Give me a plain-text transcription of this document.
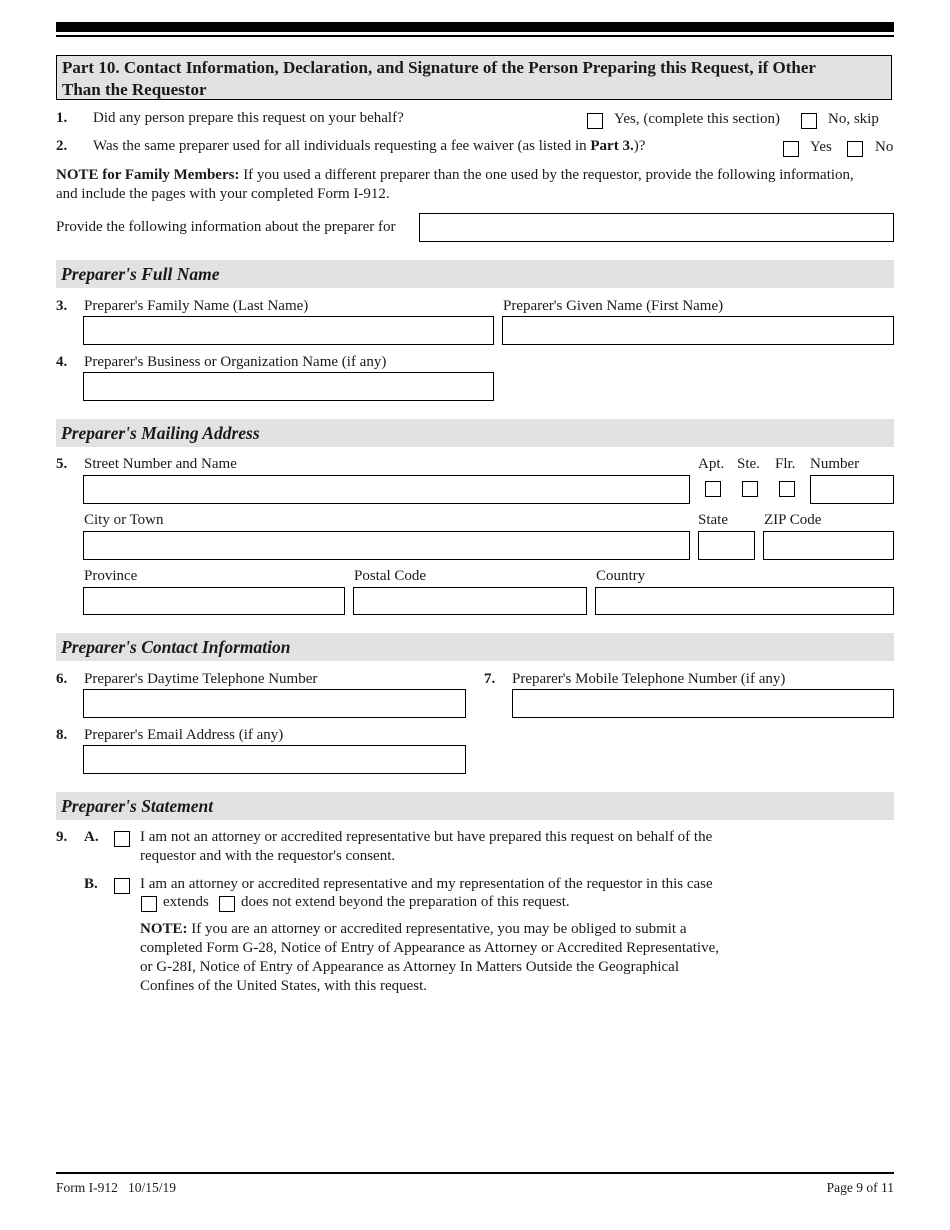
Part 10. Contact Information, Declaration, and Signature of the Person Preparing this Request, if Other
Than the Requestor
1. Did any person prepare this request on your behalf?	Yes, (complete this section)	No, skip
2. Was the same preparer used for all individuals requesting a fee waiver (as listed in Part 3.)?	Yes	No
NOTE for Family Members: If you used a different preparer than the one used by the requestor, provide the following information,
and include the pages with your completed Form I-912.
Provide the following information about the preparer for
Preparer's Full Name
3. Preparer's Family Name (Last Name)	Preparer's Given Name (First Name)
4. Preparer's Business or Organization Name (if any)
Preparer's Mailing Address
5. Street Number and Name	Apt. Ste. Flr. Number
City or Town	State ZIP Code
Province	Postal Code	Country
Preparer's Contact Information
6. Preparer's Daytime Telephone Number	7. Preparer's Mobile Telephone Number (if any)
8. Preparer's Email Address (if any)
Preparer's Statement
9. A.	I am not an attorney or accredited representative but have prepared this request on behalf of the
requestor and with the requestor's consent.
B.	I am an attorney or accredited representative and my representation of the requestor in this case
extends does not extend beyond the preparation of this request.
NOTE: If you are an attorney or accredited representative, you may be obliged to submit a
completed Form G-28, Notice of Entry of Appearance as Attorney or Accredited Representative,
or G-28I, Notice of Entry of Appearance as Attorney In Matters Outside the Geographical
Confines of the United States, with this request.
Form I-912   10/15/19	Page 9 of 11
